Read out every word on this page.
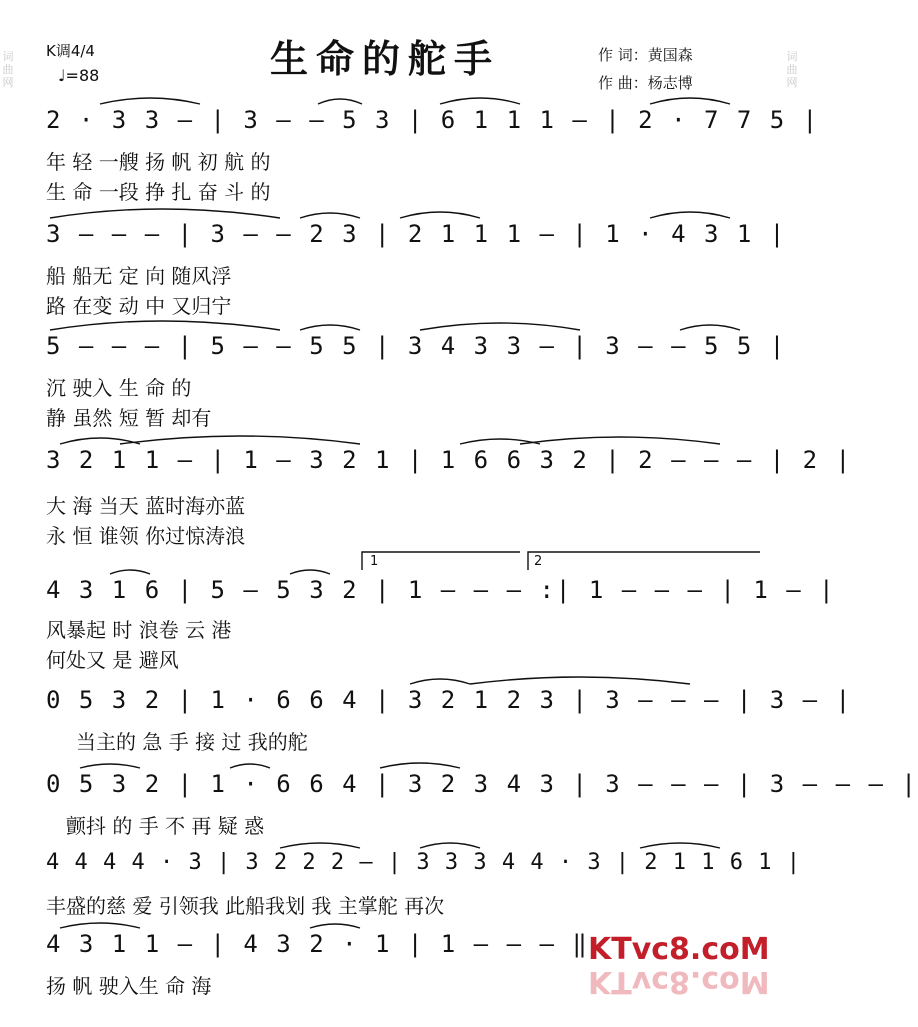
词曲网
词曲网
K调4/4
♩=88	生命的舵手	作 词：黄国森
作 曲：杨志博
2 · 3 3 — | 3 — — 5 3 | 6 1 1 1 — | 2 · 7 7 5 |
年 轻 一艘 扬 帆 初 航 的
生 命 一段 挣 扎 奋 斗 的
3 — — — | 3 — — 2 3 | 2 1 1 1 — | 1 · 4 3 1 |
船 船无 定 向 随风浮
路 在变 动 中 又归宁
5 — — — | 5 — — 5 5 | 3 4 3 3 — | 3 — — 5 5 |
沉 驶入 生 命 的
静 虽然 短 暂 却有
3 2 1 1 — | 1 — 3 2 1 | 1 6 6 3 2 | 2 — — — | 2 |
大 海 当天 蓝时海亦蓝
永 恒 谁领 你过惊涛浪
1	2
4 3 1 6 | 5 — 5 3 2 | 1 — — — :| 1 — — — | 1 — |
风暴起 时 浪卷 云 港
何处又 是 避风
0 5 3 2 | 1 · 6 6 4 | 3 2 1 2 3 | 3 — — — | 3 — |
当主的 急 手 接 过 我的舵
0 5 3 2 | 1 · 6 6 4 | 3 2 3 4 3 | 3 — — — | 3 — — — |
颤抖 的 手 不 再 疑 惑
4 4 4 4 · 3 | 3 2 2 2 — | 3 3 3 4 4 · 3 | 2 1 1 6 1 |
丰盛的慈 爱 引领我 此船我划 我 主掌舵 再次
4 3 1 1 — | 4 3 2 · 1 | 1 — — — ‖
扬 帆 驶入生 命 海
KTvc8.coM
KTvc8.coM
